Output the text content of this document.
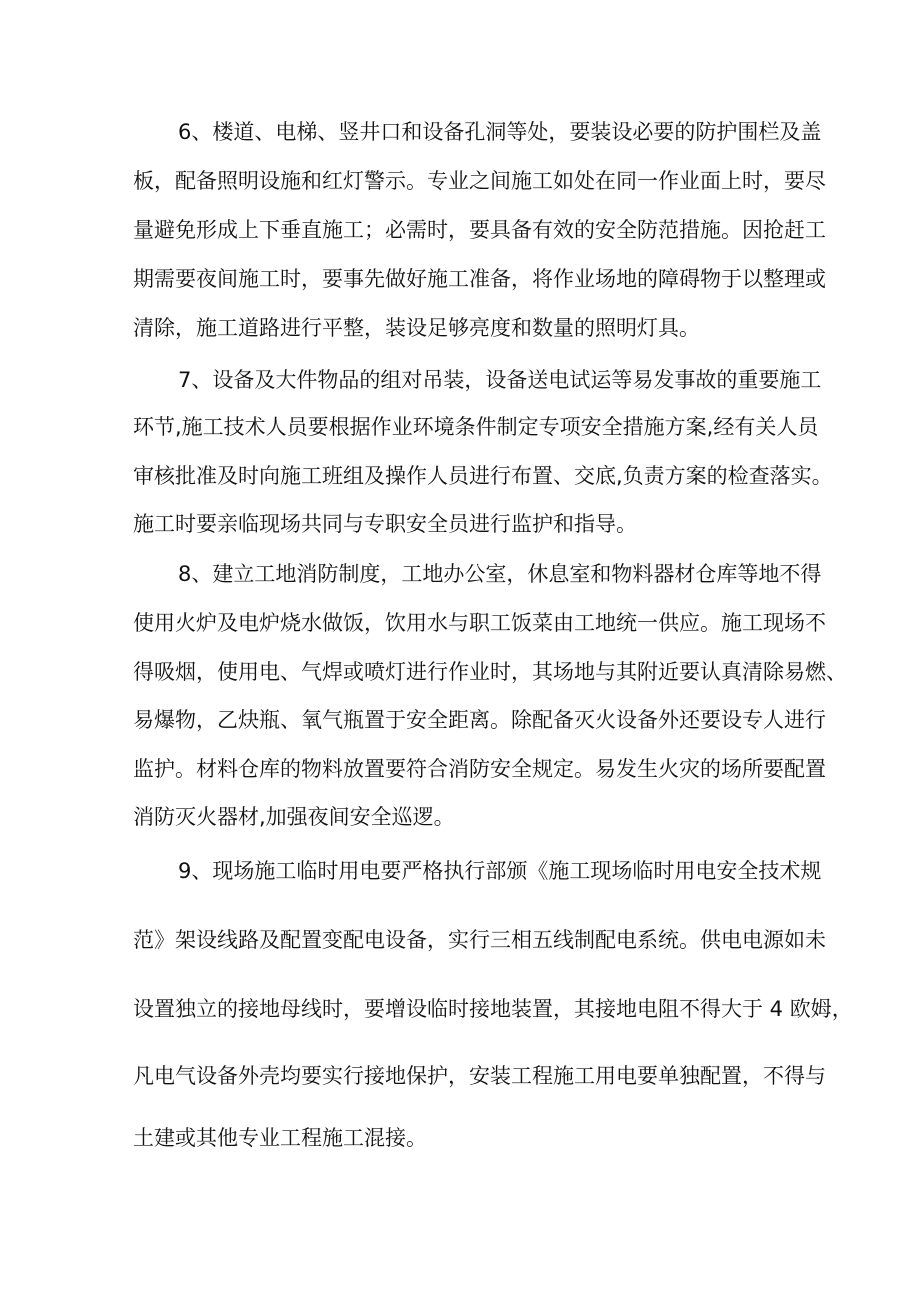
6、楼道、电梯、竖井口和设备孔洞等处，要装设必要的防护围栏及盖
板，配备照明设施和红灯警示。专业之间施工如处在同一作业面上时，要尽
量避免形成上下垂直施工；必需时，要具备有效的安全防范措施。因抢赶工
期需要夜间施工时，要事先做好施工准备，将作业场地的障碍物于以整理或
清除，施工道路进行平整，装设足够亮度和数量的照明灯具。
7、设备及大件物品的组对吊装，设备送电试运等易发事故的重要施工
环节,施工技术人员要根据作业环境条件制定专项安全措施方案,经有关人员
审核批准及时向施工班组及操作人员进行布置、交底,负责方案的检查落实。
施工时要亲临现场共同与专职安全员进行监护和指导。
8、建立工地消防制度，工地办公室，休息室和物料器材仓库等地不得
使用火炉及电炉烧水做饭，饮用水与职工饭菜由工地统一供应。施工现场不
得吸烟，使用电、气焊或喷灯进行作业时，其场地与其附近要认真清除易燃、
易爆物，乙炔瓶、氧气瓶置于安全距离。除配备灭火设备外还要设专人进行
监护。材料仓库的物料放置要符合消防安全规定。易发生火灾的场所要配置
消防灭火器材,加强夜间安全巡逻。
9、现场施工临时用电要严格执行部颁《施工现场临时用电安全技术规
范》架设线路及配置变配电设备，实行三相五线制配电系统。供电电源如未
设置独立的接地母线时，要增设临时接地装置，其接地电阻不得大于 4 欧姆，
凡电气设备外壳均要实行接地保护，安装工程施工用电要单独配置，不得与
土建或其他专业工程施工混接。
